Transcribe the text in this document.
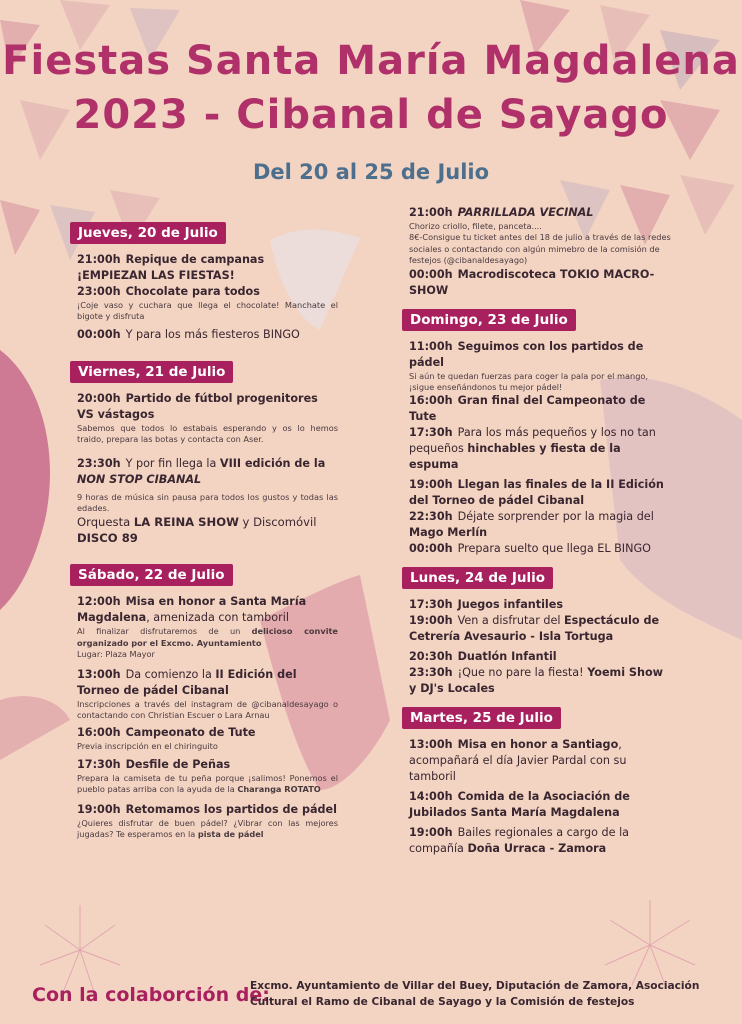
Fiestas Santa María Magdalena
2023 - Cibanal de Sayago
Del 20 al 25 de Julio
Jueves, 20 de Julio
21:00h Repique de campanas
¡EMPIEZAN LAS FIESTAS!
23:00h Chocolate para todos
¡Coje vaso y cuchara que llega el chocolate! Manchate el bigote y disfruta
00:00h Y para los más fiesteros BINGO
Viernes, 21 de Julio
20:00h Partido de fútbol progenitores VS vástagos
Sabemos que todos lo estabais esperando y os lo hemos traido, prepara las botas y contacta con Aser.
23:30h Y por fin llega la VIII edición de la
NON STOP CIBANAL
9 horas de música sin pausa para todos los gustos y todas las edades.
Orquesta LA REINA SHOW y Discomóvil
DISCO 89
Sábado, 22 de Julio
12:00h Misa en honor a Santa María Magdalena, amenizada con tamboril
Al finalizar disfrutaremos de un delicioso convite organizado por el Excmo. Ayuntamiento
Lugar: Plaza Mayor
13:00h Da comienzo la II Edición del Torneo de pádel Cibanal
Inscripciones a través del instagram de @cibanaldesayago o contactando con Christian Escuer o Lara Arnau
16:00h Campeonato de Tute
Previa inscripción en el chiringuito
17:30h Desfile de Peñas
Prepara la camiseta de tu peña porque ¡salimos! Ponemos el pueblo patas arriba con la ayuda de la Charanga ROTATO
19:00h Retomamos los partidos de pádel
¿Quieres disfrutar de buen pádel? ¿Vibrar con las mejores jugadas? Te esperamos en la pista de pádel
21:00h PARRILLADA VECINAL
Chorizo criollo, filete, panceta....
8€-Consigue tu ticket antes del 18 de julio a través de las redes sociales o contactando con algún mimebro de la comisión de festejos (@cibanaldesayago)
00:00h Macrodiscoteca TOKIO MACRO-SHOW
Domingo, 23 de Julio
11:00h Seguimos con los partidos de pádel
Si aún te quedan fuerzas para coger la pala por el mango, ¡sigue enseñándonos tu mejor pádel!
16:00h Gran final del Campeonato de Tute
17:30h Para los más pequeños y los no tan pequeños hinchables y fiesta de la espuma
19:00h Llegan las finales de la II Edición del Torneo de pádel Cibanal
22:30h Déjate sorprender por la magia del Mago Merlín
00:00h Prepara suelto que llega EL BINGO
Lunes, 24 de Julio
17:30h Juegos infantiles
19:00h Ven a disfrutar del Espectáculo de Cetrería Avesaurio - Isla Tortuga
20:30h Duatlón Infantil
23:30h ¡Que no pare la fiesta! Yoemi Show y DJ's Locales
Martes, 25 de Julio
13:00h Misa en honor a Santiago, acompañará el día Javier Pardal con su tamboril
14:00h Comida de la Asociación de Jubilados Santa María Magdalena
19:00h Bailes regionales a cargo de la compañía Doña Urraca - Zamora
Con la colaborción de:
Excmo. Ayuntamiento de Villar del Buey, Diputación de Zamora, Asociación Cultural el Ramo de Cibanal de Sayago y la Comisión de festejos
